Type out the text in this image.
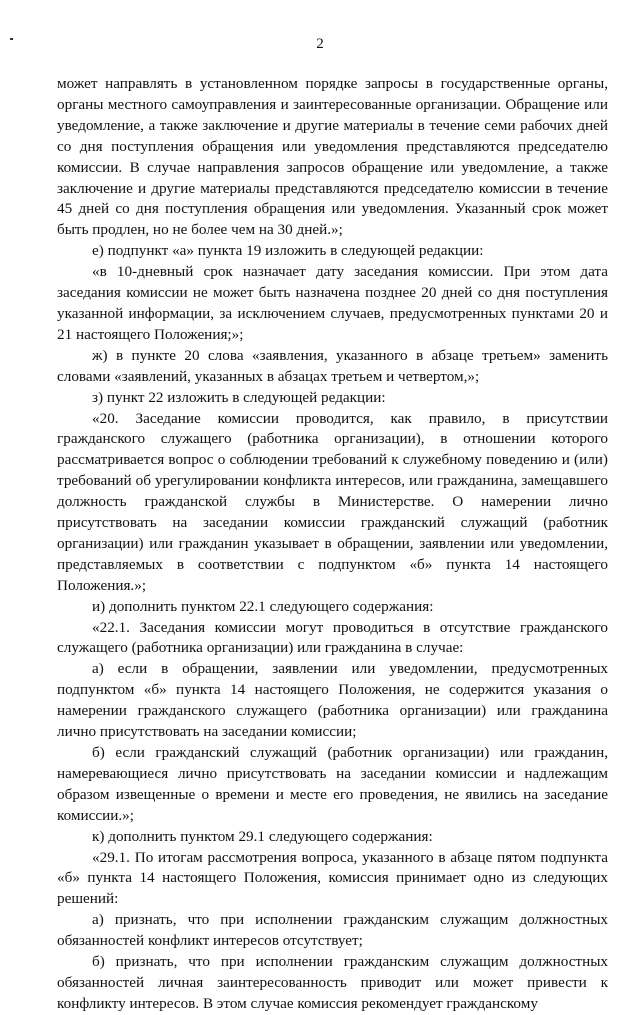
2

может направлять в установленном порядке запросы в государственные органы, органы местного самоуправления и заинтересованные организации. Обращение или уведомление, а также заключение и другие материалы в течение семи рабочих дней со дня поступления обращения или уведомления представляются председателю комиссии. В случае направления запросов обращение или уведомление, а также заключение и другие материалы представляются председателю комиссии в течение 45 дней со дня поступления обращения или уведомления. Указанный срок может быть продлен, но не более чем на 30 дней.»;

е) подпункт «а» пункта 19 изложить в следующей редакции:

«в 10-дневный срок назначает дату заседания комиссии. При этом дата заседания комиссии не может быть назначена позднее 20 дней со дня поступления указанной информации, за исключением случаев, предусмотренных пунктами 20 и 21 настоящего Положения;»;

ж) в пункте 20 слова «заявления, указанного в абзаце третьем» заменить словами «заявлений, указанных в абзацах третьем и четвертом,»;

з) пункт 22 изложить в следующей редакции:

«20. Заседание комиссии проводится, как правило, в присутствии гражданского служащего (работника организации), в отношении которого рассматривается вопрос о соблюдении требований к служебному поведению и (или) требований об урегулировании конфликта интересов, или гражданина, замещавшего должность гражданской службы в Министерстве. О намерении лично присутствовать на заседании комиссии гражданский служащий (работник организации) или гражданин указывает в обращении, заявлении или уведомлении, представляемых в соответствии с подпунктом «б» пункта 14 настоящего Положения.»;

и) дополнить пунктом 22.1 следующего содержания:

«22.1. Заседания комиссии могут проводиться в отсутствие гражданского служащего (работника организации) или гражданина в случае:

а) если в обращении, заявлении или уведомлении, предусмотренных подпунктом «б» пункта 14 настоящего Положения, не содержится указания о намерении гражданского служащего (работника организации) или гражданина лично присутствовать на заседании комиссии;

б) если гражданский служащий (работник организации) или гражданин, намеревающиеся лично присутствовать на заседании комиссии и надлежащим образом извещенные о времени и месте его проведения, не явились на заседание комиссии.»;

к) дополнить пунктом 29.1 следующего содержания:

«29.1. По итогам рассмотрения вопроса, указанного в абзаце пятом подпункта «б» пункта 14 настоящего Положения, комиссия принимает одно из следующих решений:

а) признать, что при исполнении гражданским служащим должностных обязанностей конфликт интересов отсутствует;

б) признать, что при исполнении гражданским служащим должностных обязанностей личная заинтересованность приводит или может привести к конфликту интересов. В этом случае комиссия рекомендует гражданскому
